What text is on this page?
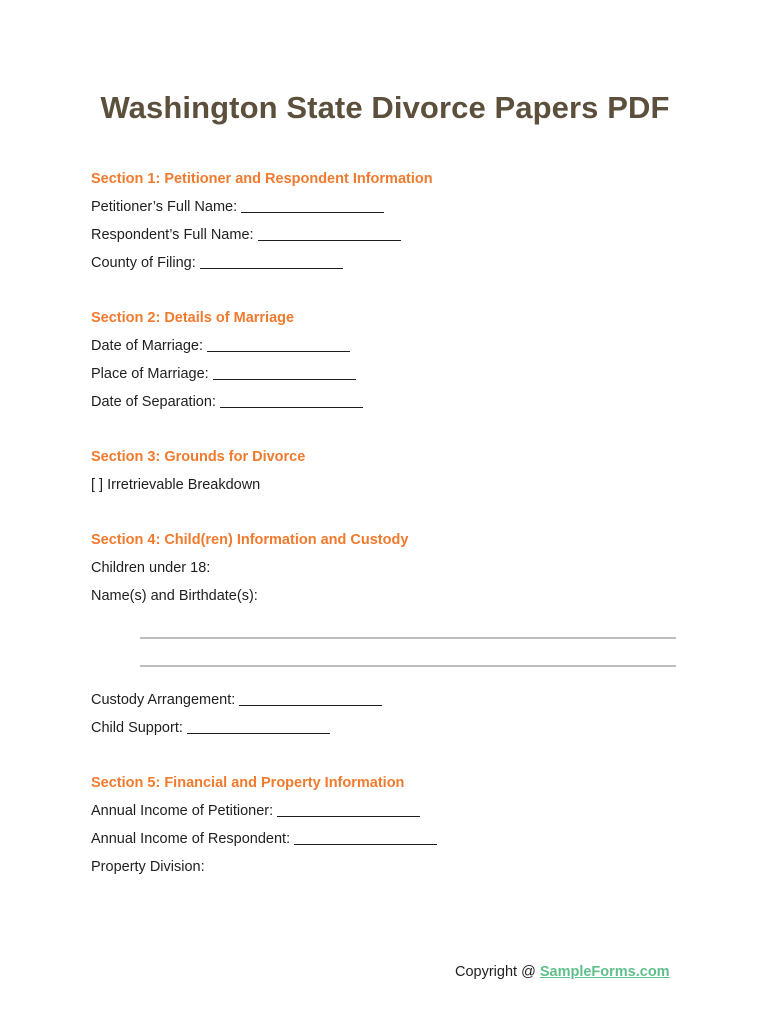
Washington State Divorce Papers PDF
Section 1: Petitioner and Respondent Information
Petitioner’s Full Name:
Respondent’s Full Name:
County of Filing:
Section 2: Details of Marriage
Date of Marriage:
Place of Marriage:
Date of Separation:
Section 3: Grounds for Divorce
[ ] Irretrievable Breakdown
Section 4: Child(ren) Information and Custody
Children under 18:
Name(s) and Birthdate(s):
Custody Arrangement:
Child Support:
Section 5: Financial and Property Information
Annual Income of Petitioner:
Annual Income of Respondent:
Property Division:
Copyright @ SampleForms.com
